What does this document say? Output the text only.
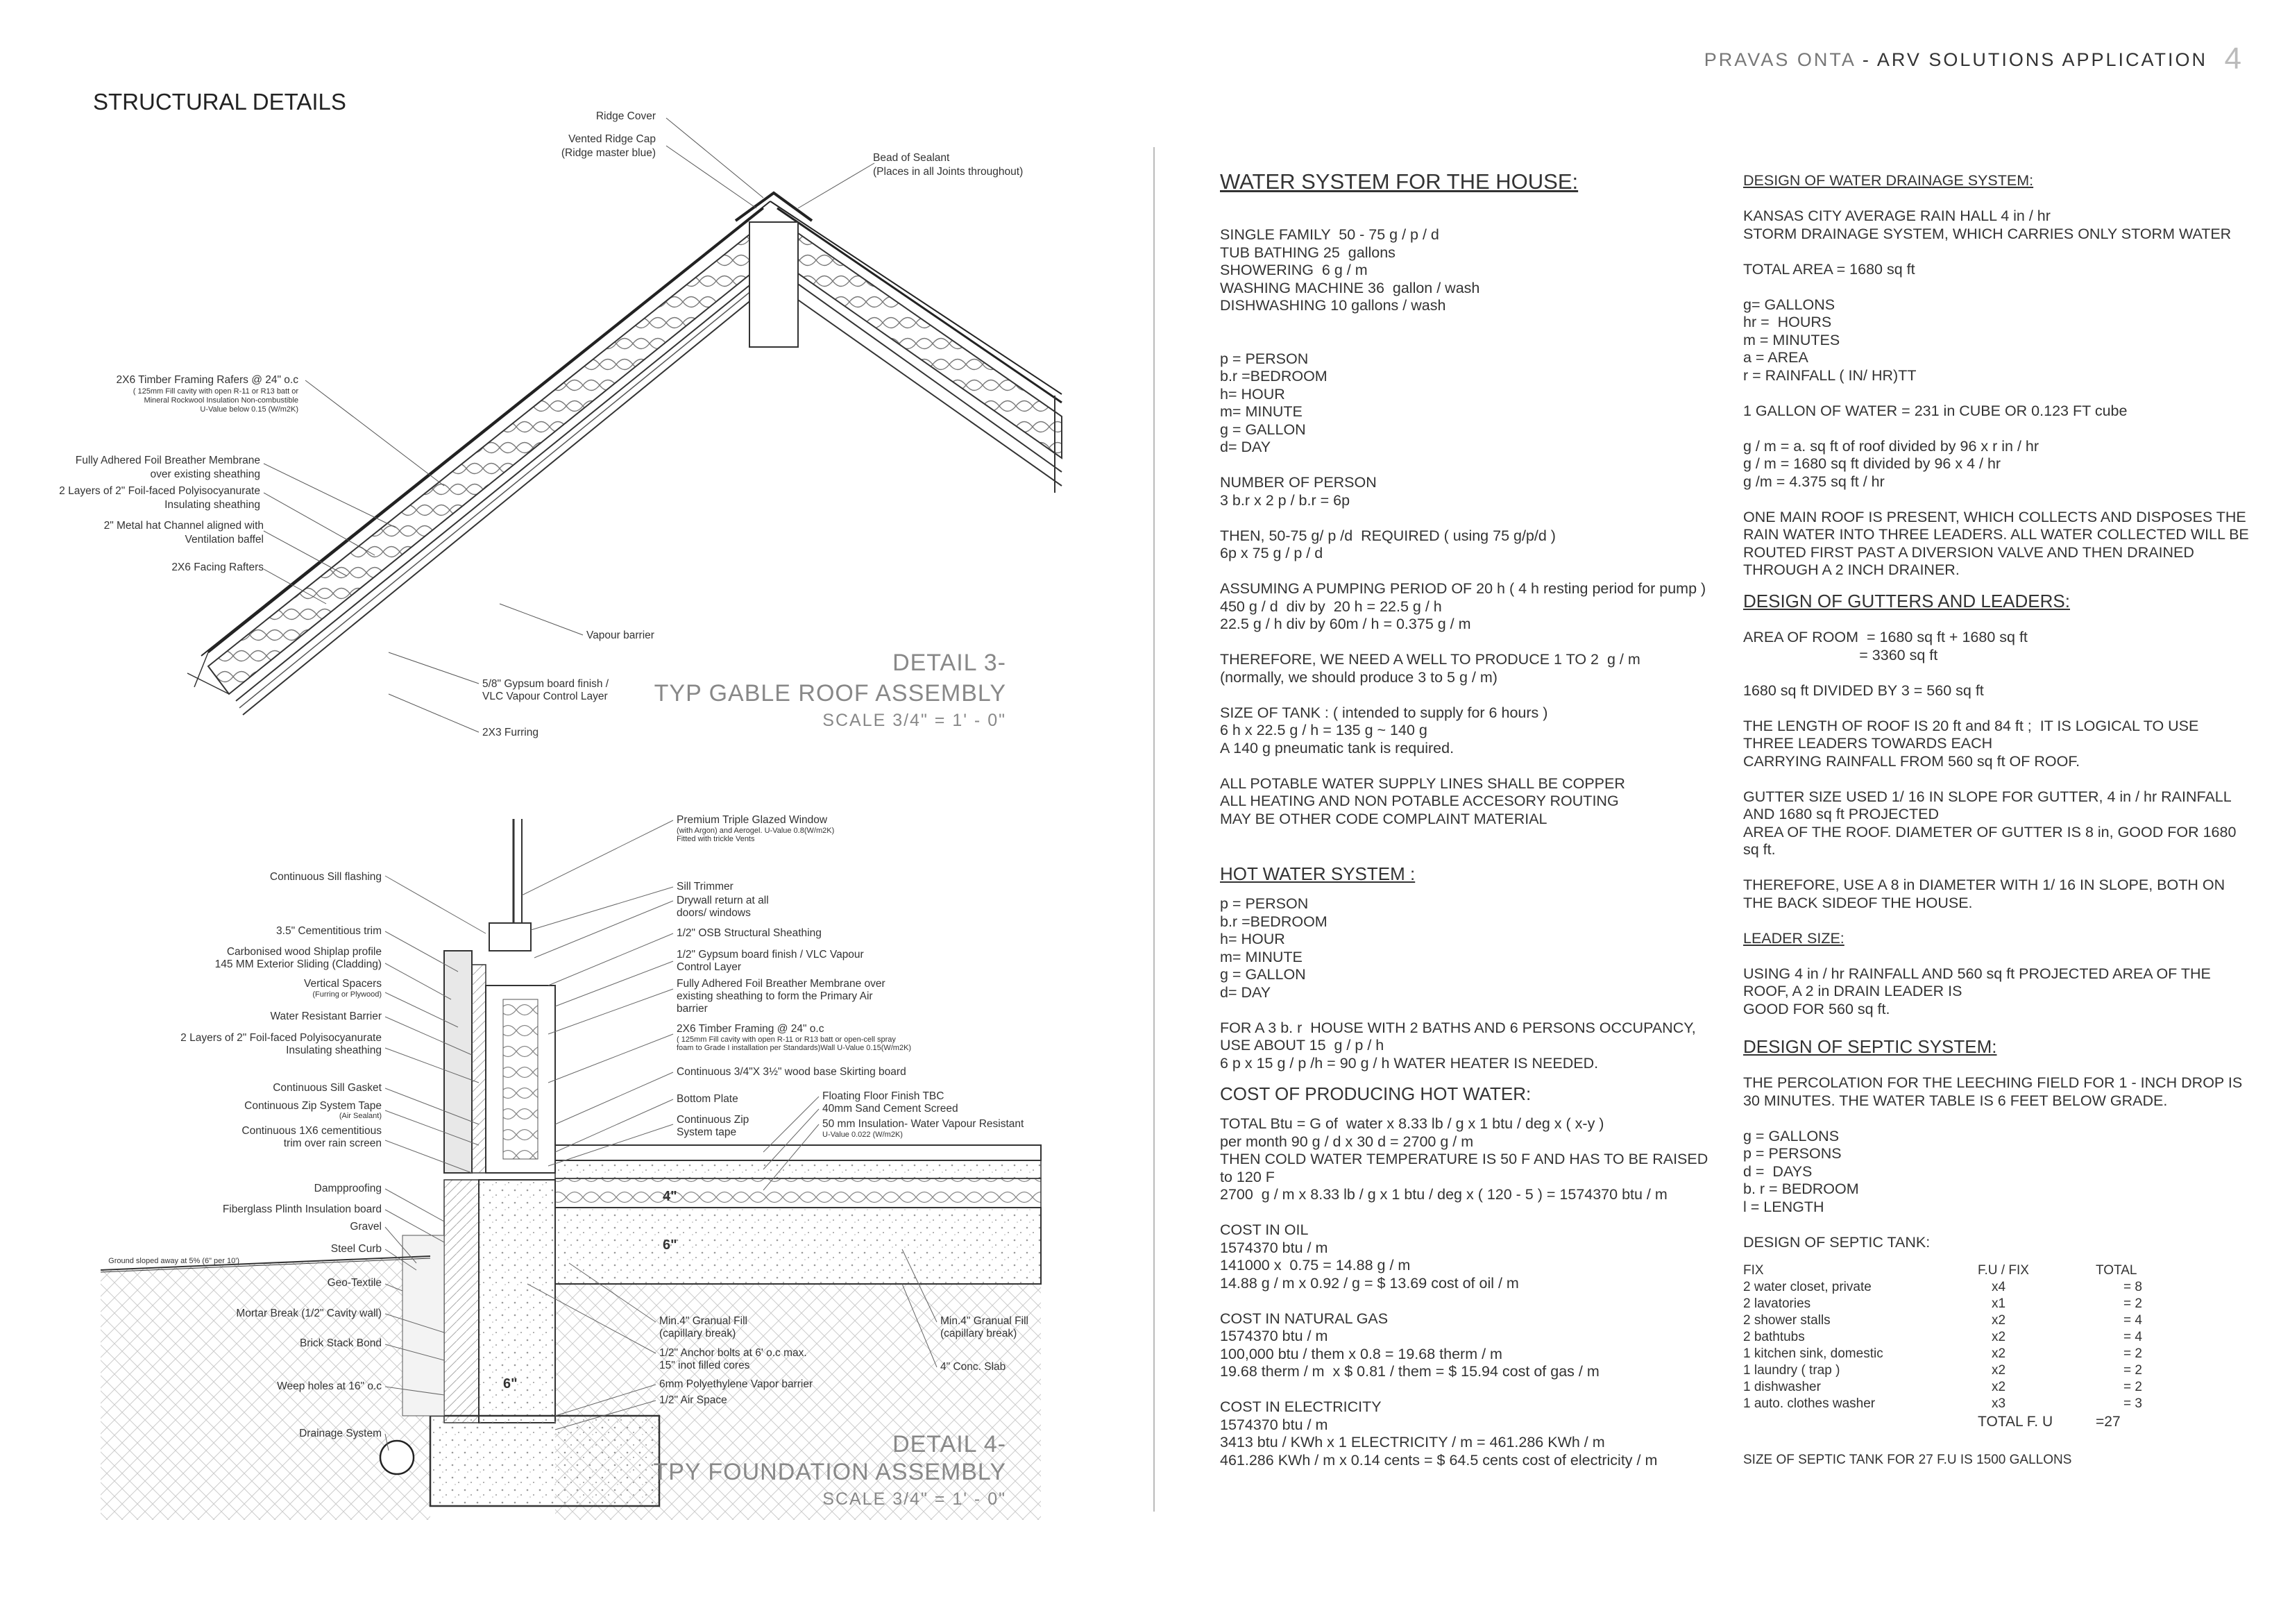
PRAVAS ONTA - ARV SOLUTIONS APPLICATION 4
STRUCTURAL DETAILS
Ridge Cover
Vented Ridge Cap
(Ridge master blue)	Bead of Sealant
(Places in all Joints throughout)
2X6 Timber Framing Rafers @ 24" o.c
( 125mm Fill cavity with open R-11 or R13 batt or
Mineral Rockwool Insulation Non-combustible
U-Value below 0.15 (W/m2K)
Fully Adhered Foil Breather Membrane
over existing sheathing
2 Layers of 2" Foil-faced Polyisocyanurate
Insulating sheathing
2" Metal hat Channel aligned with
Ventilation baffel
2X6 Facing Rafters
Vapour barrier
5/8" Gypsum board finish /
VLC Vapour Control Layer
2X3 Furring
DETAIL 3-
TYP GABLE ROOF ASSEMBLY
SCALE 3/4" = 1' - 0"
Continuous Sill flashing
3.5" Cementitious trim
Carbonised wood Shiplap profile
145 MM Exterior Sliding (Cladding)
Vertical Spacers
(Furring or Plywood)
Water Resistant Barrier
2 Layers of 2" Foil-faced Polyisocyanurate
Insulating sheathing
Continuous Sill Gasket
Continuous Zip System Tape
(Air Sealant)
Continuous 1X6 cementitious
trim over rain screen
Dampproofing
Fiberglass Plinth Insulation board
Gravel
Steel Curb
Ground sloped away at 5% (6" per 10')
Geo-Textile
Mortar Break (1/2" Cavity wall)
Brick Stack Bond
Weep holes at 16" o.c
Drainage System
Premium Triple Glazed Window
(with Argon) and Aerogel. U-Value 0.8(W/m2K)
Fitted with trickle Vents
Sill Trimmer
Drywall return at all
doors/ windows
1/2" OSB Structural Sheathing
1/2" Gypsum board finish / VLC Vapour
Control Layer
Fully Adhered Foil Breather Membrane over
existing sheathing to form the Primary Air
barrier
2X6 Timber Framing @ 24" o.c
( 125mm Fill cavity with open R-11 or R13 batt or open-cell spray
foam to Grade I installation per Standards)Wall U-Value 0.15(W/m2K)
Continuous 3/4"X 3½" wood base Skirting board
Bottom Plate
Continuous Zip
System tape
Floating Floor Finish TBC
40mm Sand Cement Screed
50 mm Insulation- Water Vapour Resistant
U-Value 0.022 (W/m2K)
Min.4" Granual Fill
(capillary break)
Min.4" Granual Fill
(capillary break)
1/2" Anchor bolts at 6' o.c max.
15" inot filled cores	4" Conc. Slab
6mm Polyethylene Vapor barrier
1/2" Air Space
4"
6"
6"
DETAIL 4-
TPY FOUNDATION ASSEMBLY
SCALE 3/4" = 1' - 0"
WATER SYSTEM FOR THE HOUSE:
SINGLE FAMILY  50 - 75 g / p / d
TUB BATHING 25  gallons
SHOWERING  6 g / m
WASHING MACHINE 36  gallon / wash
DISHWASHING 10 gallons / wash
p = PERSON
b.r =BEDROOM
h= HOUR
m= MINUTE
g = GALLON
d= DAY
NUMBER OF PERSON
3 b.r x 2 p / b.r = 6p
THEN, 50-75 g/ p /d  REQUIRED ( using 75 g/p/d )
6p x 75 g / p / d
ASSUMING A PUMPING PERIOD OF 20 h ( 4 h resting period for pump )
450 g / d  div by  20 h = 22.5 g / h
22.5 g / h div by 60m / h = 0.375 g / m
THEREFORE, WE NEED A WELL TO PRODUCE 1 TO 2  g / m
(normally, we should produce 3 to 5 g / m)
SIZE OF TANK : ( intended to supply for 6 hours )
6 h x 22.5 g / h = 135 g ~ 140 g
A 140 g pneumatic tank is required.
ALL POTABLE WATER SUPPLY LINES SHALL BE COPPER
ALL HEATING AND NON POTABLE ACCESORY ROUTING
MAY BE OTHER CODE COMPLAINT MATERIAL
HOT WATER SYSTEM :
p = PERSON
b.r =BEDROOM
h= HOUR
m= MINUTE
g = GALLON
d= DAY
FOR A 3 b. r  HOUSE WITH 2 BATHS AND 6 PERSONS OCCUPANCY,
USE ABOUT 15  g / p / h
6 p x 15 g / p /h = 90 g / h WATER HEATER IS NEEDED.
COST OF PRODUCING HOT WATER:
TOTAL Btu = G of  water x 8.33 lb / g x 1 btu / deg x ( x-y )
per month 90 g / d x 30 d = 2700 g / m
THEN COLD WATER TEMPERATURE IS 50 F AND HAS TO BE RAISED
to 120 F
2700  g / m x 8.33 lb / g x 1 btu / deg x ( 120 - 5 ) = 1574370 btu / m
COST IN OIL
1574370 btu / m
141000 x  0.75 = 14.88 g / m
14.88 g / m x 0.92 / g = $ 13.69 cost of oil / m
COST IN NATURAL GAS
1574370 btu / m
100,000 btu / them x 0.8 = 19.68 therm / m
19.68 therm / m  x $ 0.81 / them = $ 15.94 cost of gas / m
COST IN ELECTRICITY
1574370 btu / m
3413 btu / KWh x 1 ELECTRICITY / m = 461.286 KWh / m
461.286 KWh / m x 0.14 cents = $ 64.5 cents cost of electricity / m
DESIGN OF WATER DRAINAGE SYSTEM:
KANSAS CITY AVERAGE RAIN HALL 4 in / hr
STORM DRAINAGE SYSTEM, WHICH CARRIES ONLY STORM WATER
TOTAL AREA = 1680 sq ft
g= GALLONS
hr =  HOURS
m = MINUTES
a = AREA
r = RAINFALL ( IN/ HR)TT
1 GALLON OF WATER = 231 in CUBE OR 0.123 FT cube
g / m = a. sq ft of roof divided by 96 x r in / hr
g / m = 1680 sq ft divided by 96 x 4 / hr
g /m = 4.375 sq ft / hr
ONE MAIN ROOF IS PRESENT, WHICH COLLECTS AND DISPOSES THE
RAIN WATER INTO THREE LEADERS. ALL WATER COLLECTED WILL BE
ROUTED FIRST PAST A DIVERSION VALVE AND THEN DRAINED
THROUGH A 2 INCH DRAINER.
DESIGN OF GUTTERS AND LEADERS:
AREA OF ROOM  = 1680 sq ft + 1680 sq ft
= 3360 sq ft
1680 sq ft DIVIDED BY 3 = 560 sq ft
THE LENGTH OF ROOF IS 20 ft and 84 ft ;  IT IS LOGICAL TO USE
THREE LEADERS TOWARDS EACH
CARRYING RAINFALL FROM 560 sq ft OF ROOF.
GUTTER SIZE USED 1/ 16 IN SLOPE FOR GUTTER, 4 in / hr RAINFALL
AND 1680 sq ft PROJECTED
AREA OF THE ROOF. DIAMETER OF GUTTER IS 8 in, GOOD FOR 1680
sq ft.
THEREFORE, USE A 8 in DIAMETER WITH 1/ 16 IN SLOPE, BOTH ON
THE BACK SIDEOF THE HOUSE.
LEADER SIZE:
USING 4 in / hr RAINFALL AND 560 sq ft PROJECTED AREA OF THE
ROOF, A 2 in DRAIN LEADER IS
GOOD FOR 560 sq ft.
DESIGN OF SEPTIC SYSTEM:
THE PERCOLATION FOR THE LEECHING FIELD FOR 1 - INCH DROP IS
30 MINUTES. THE WATER TABLE IS 6 FEET BELOW GRADE.
g = GALLONS
p = PERSONS
d =  DAYS
b. r = BEDROOM
l = LENGTH
DESIGN OF SEPTIC TANK:
FIX	F.U / FIX	TOTAL
2 water closet, private	x4	= 8
2 lavatories	x1	= 2
2 shower stalls	x2	= 4
2 bathtubs	x2	= 4
1 kitchen sink, domestic	x2	= 2
1 laundry ( trap )	x2	= 2
1 dishwasher	x2	= 2
1 auto. clothes washer	x3	= 3
TOTAL F. U	=27
SIZE OF SEPTIC TANK FOR 27 F.U IS 1500 GALLONS
